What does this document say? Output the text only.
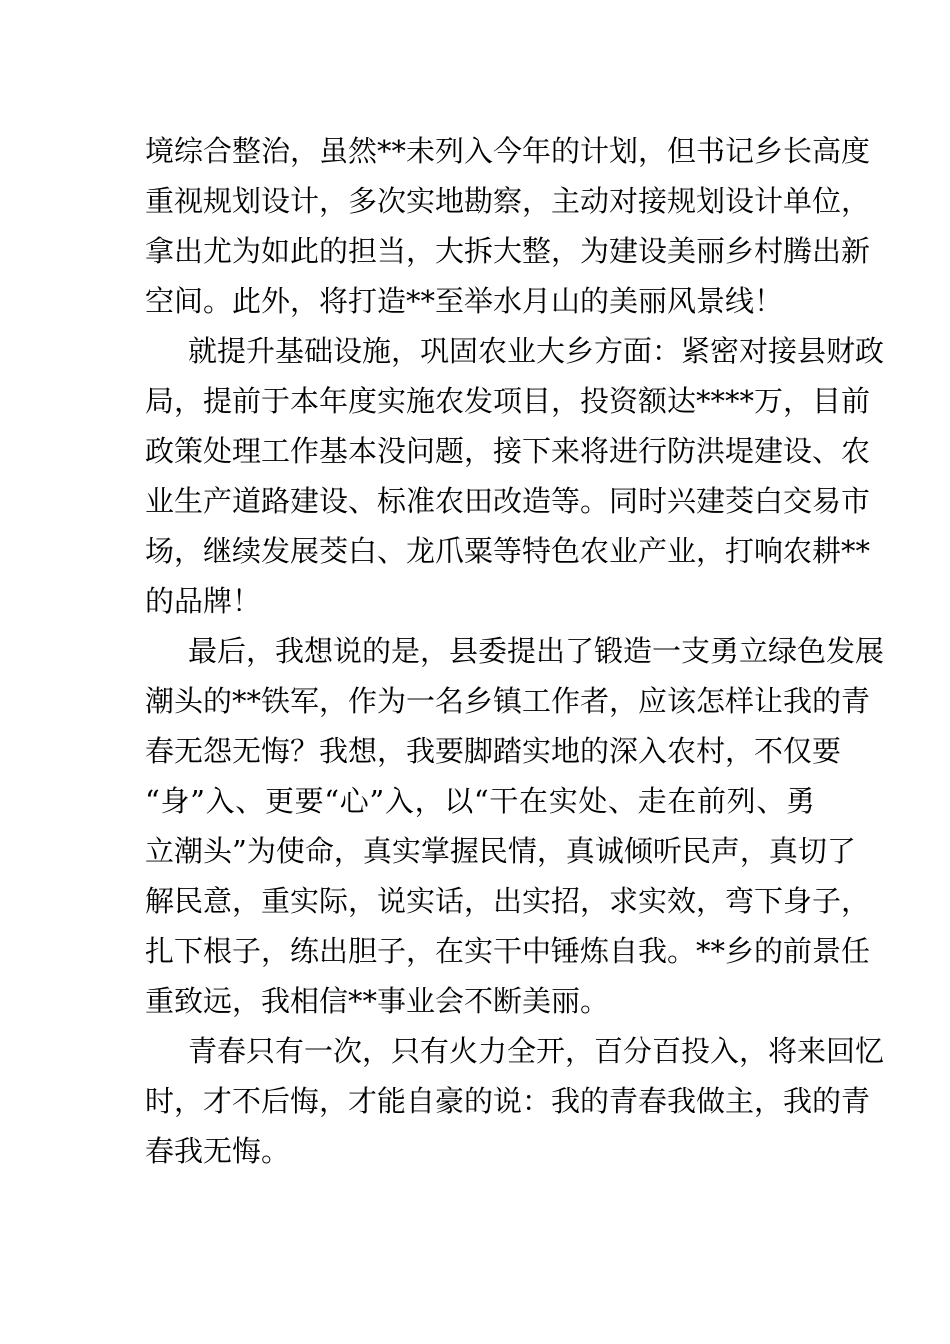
境综合整治，虽然**未列入今年的计划，但书记乡长高度
重视规划设计，多次实地勘察，主动对接规划设计单位，
拿出尤为如此的担当，大拆大整，为建设美丽乡村腾出新
空间。此外，将打造**至举水月山的美丽风景线！
就提升基础设施，巩固农业大乡方面：紧密对接县财政
局，提前于本年度实施农发项目，投资额达****万，目前
政策处理工作基本没问题，接下来将进行防洪堤建设、农
业生产道路建设、标准农田改造等。同时兴建茭白交易市
场，继续发展茭白、龙爪粟等特色农业产业，打响农耕**
的品牌！
最后，我想说的是，县委提出了锻造一支勇立绿色发展
潮头的**铁军，作为一名乡镇工作者，应该怎样让我的青
春无怨无悔？我想，我要脚踏实地的深入农村，不仅要
“身”入、更要“心”入，以“干在实处、走在前列、勇
立潮头”为使命，真实掌握民情，真诚倾听民声，真切了
解民意，重实际，说实话，出实招，求实效，弯下身子，
扎下根子，练出胆子，在实干中锤炼自我。**乡的前景任
重致远，我相信**事业会不断美丽。
青春只有一次，只有火力全开，百分百投入，将来回忆
时，才不后悔，才能自豪的说：我的青春我做主，我的青
春我无悔。
